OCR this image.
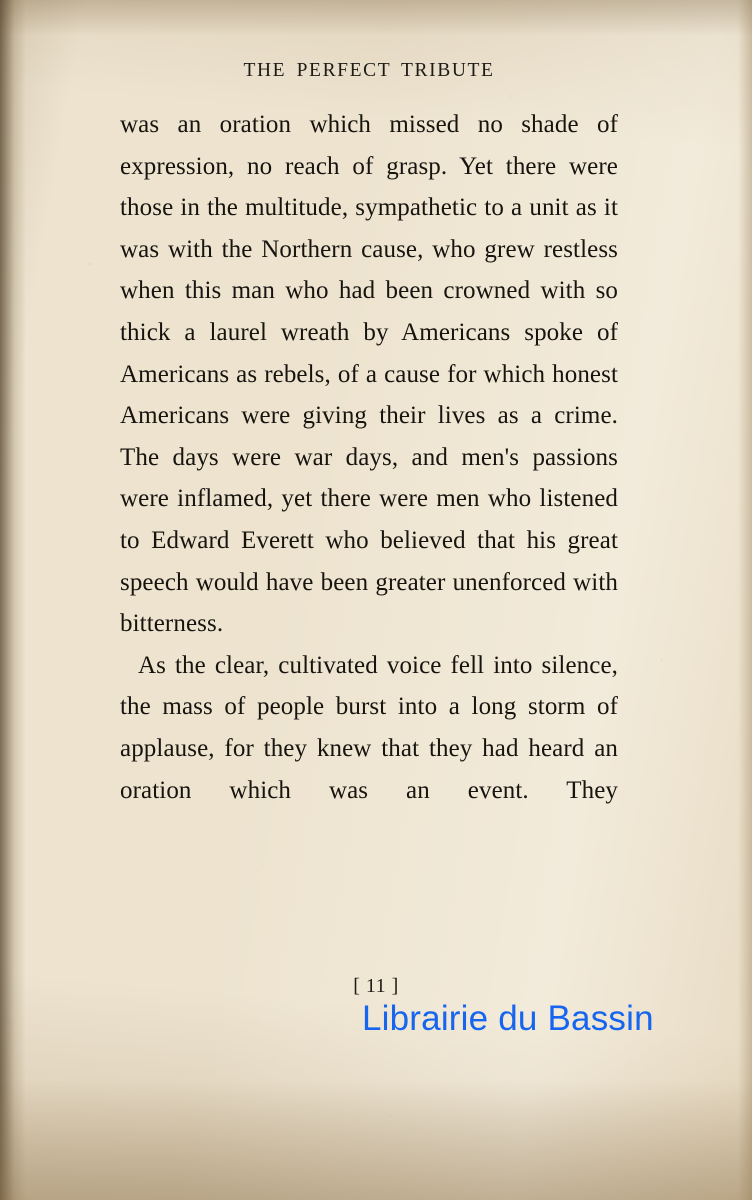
THE PERFECT TRIBUTE

was an oration which missed no shade of expression, no reach of grasp. Yet there were those in the multitude, sympathetic to a unit as it was with the Northern cause, who grew restless when this man who had been crowned with so thick a laurel wreath by Americans spoke of Americans as rebels, of a cause for which honest Americans were giving their lives as a crime. The days were war days, and men's passions were inflamed, yet there were men who listened to Edward Everett who believed that his great speech would have been greater unenforced with bitterness.

As the clear, cultivated voice fell into silence, the mass of people burst into a long storm of applause, for they knew that they had heard an oration which was an event. They

[ 11 ]
Librairie du Bassin
